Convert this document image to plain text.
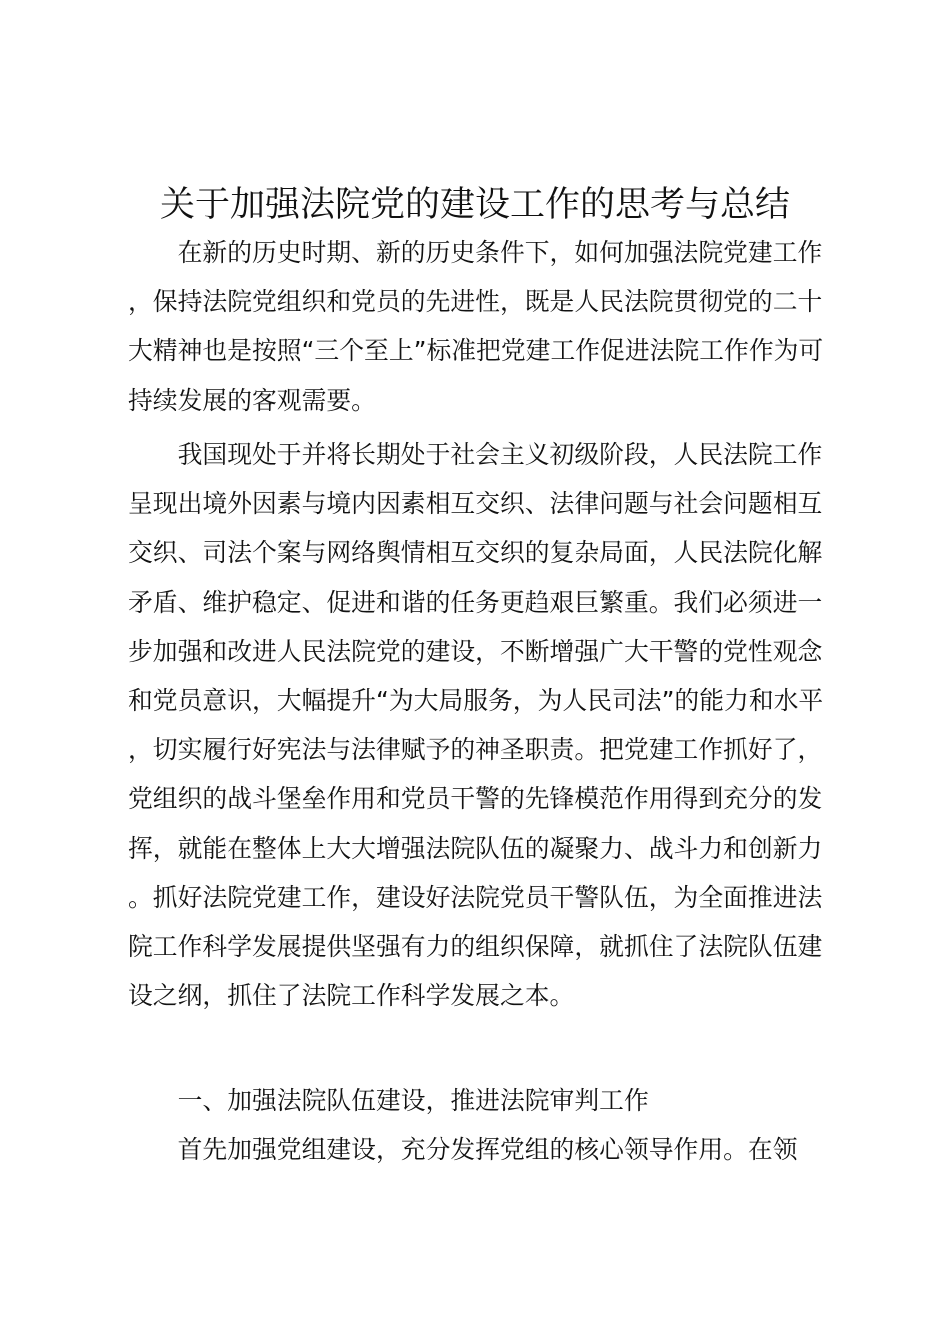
关于加强法院党的建设工作的思考与总结

在新的历史时期、新的历史条件下，如何加强法院党建工作，保持法院党组织和党员的先进性，既是人民法院贯彻党的二十大精神也是按照“三个至上”标准把党建工作促进法院工作作为可持续发展的客观需要。

我国现处于并将长期处于社会主义初级阶段，人民法院工作呈现出境外因素与境内因素相互交织、法律问题与社会问题相互交织、司法个案与网络舆情相互交织的复杂局面，人民法院化解矛盾、维护稳定、促进和谐的任务更趋艰巨繁重。我们必须进一步加强和改进人民法院党的建设，不断增强广大干警的党性观念和党员意识，大幅提升“为大局服务，为人民司法”的能力和水平，切实履行好宪法与法律赋予的神圣职责。把党建工作抓好了，党组织的战斗堡垒作用和党员干警的先锋模范作用得到充分的发挥，就能在整体上大大增强法院队伍的凝聚力、战斗力和创新力。抓好法院党建工作，建设好法院党员干警队伍，为全面推进法院工作科学发展提供坚强有力的组织保障，就抓住了法院队伍建设之纲，抓住了法院工作科学发展之本。

一、加强法院队伍建设，推进法院审判工作

首先加强党组建设，充分发挥党组的核心领导作用。在领
